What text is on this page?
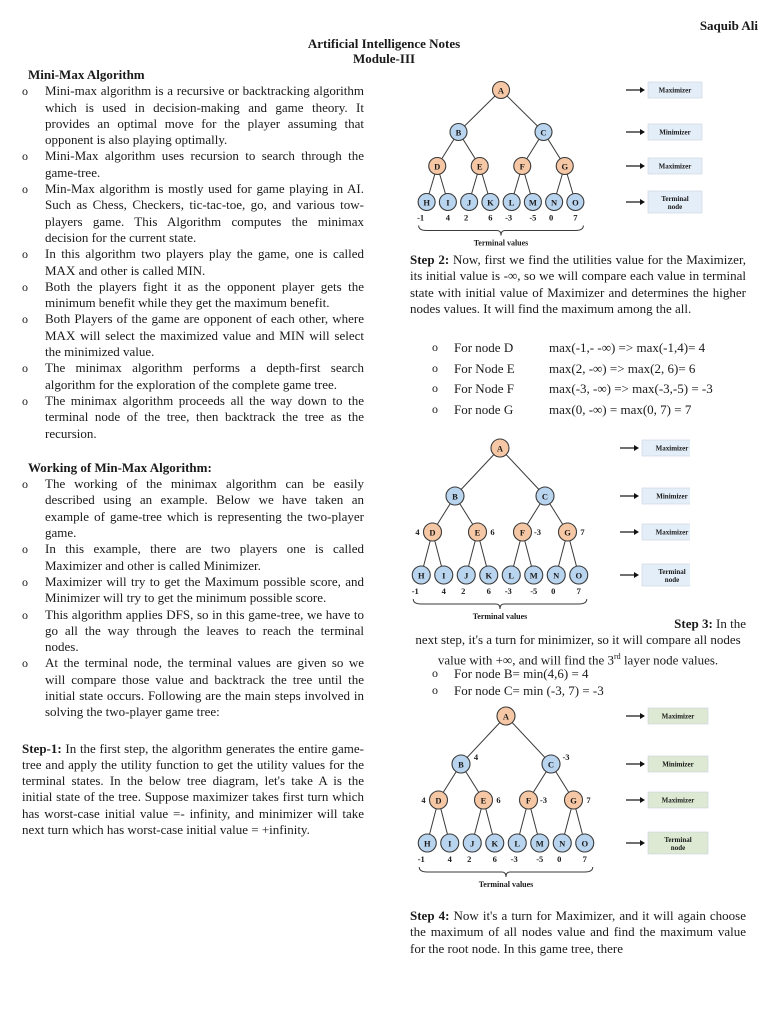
Saquib Ali
Artificial Intelligence Notes
Module-III
Mini-Max Algorithm
o Mini-max algorithm is a recursive or backtracking algorithm which is used in decision-making and game theory. It provides an optimal move for the player assuming that opponent is also playing optimally.
o Mini-Max algorithm uses recursion to search through the game-tree.
o Min-Max algorithm is mostly used for game playing in AI. Such as Chess, Checkers, tic-tac-toe, go, and various tow-players game. This Algorithm computes the minimax decision for the current state.
o In this algorithm two players play the game, one is called MAX and other is called MIN.
o Both the players fight it as the opponent player gets the minimum benefit while they get the maximum benefit.
o Both Players of the game are opponent of each other, where MAX will select the maximized value and MIN will select the minimized value.
o The minimax algorithm performs a depth-first search algorithm for the exploration of the complete game tree.
o The minimax algorithm proceeds all the way down to the terminal node of the tree, then backtrack the tree as the recursion.
Working of Min-Max Algorithm:
o The working of the minimax algorithm can be easily described using an example. Below we have taken an example of game-tree which is representing the two-player game.
o In this example, there are two players one is called Maximizer and other is called Minimizer.
o Maximizer will try to get the Maximum possible score, and Minimizer will try to get the minimum possible score.
o This algorithm applies DFS, so in this game-tree, we have to go all the way through the leaves to reach the terminal nodes.
o At the terminal node, the terminal values are given so we will compare those value and backtrack the tree until the initial state occurs. Following are the main steps involved in solving the two-player game tree:
Step-1: In the first step, the algorithm generates the entire game-tree and apply the utility function to get the utility values for the terminal states. In the below tree diagram, let's take A is the initial state of the tree. Suppose maximizer takes first turn which has worst-case initial value =- infinity, and minimizer will take next turn which has worst-case initial value = +infinity.
A
B	C
D	E	F	G
H I J K L M N O
-1	4 2 6 -3 -5 0 7
Terminal values
Maximizer
Minimizer
Maximizer
Terminal
node
Step 2: Now, first we find the utilities value for the Maximizer, its initial value is -∞, so we will compare each value in terminal state with initial value of Maximizer and determines the higher nodes values. It will find the maximum among the all.
o For node D	max(-1,- -∞) => max(-1,4)= 4
o For Node E	max(2, -∞) => max(2, 6)= 6
o For Node F	max(-3, -∞) => max(-3,-5) = -3
o For node G	max(0, -∞) = max(0, 7) = 7
A
B	C
D	E	F	G
H I J K L M N O
-1	4 2	6 -3 -5 0	7
Terminal values
4	6	-3	7
Maximizer
Minimizer
Maximizer
Terminal
node
Step 3: In the
next step, it's a turn for minimizer, so it will compare all nodes value with +∞, and will find the 3rd layer node values.
o For node B= min(4,6) = 4
o For node C= min (-3, 7) = -3
A
B	C
D	E	F	G
H I J K L M N O
-1	4 2	6 -3 -5 0	7
Terminal values
4	6	-3	7
4	-3
Maximizer
Minimizer
Maximizer
Terminal
node
Step 4: Now it's a turn for Maximizer, and it will again choose the maximum of all nodes value and find the maximum value for the root node. In this game tree, there
